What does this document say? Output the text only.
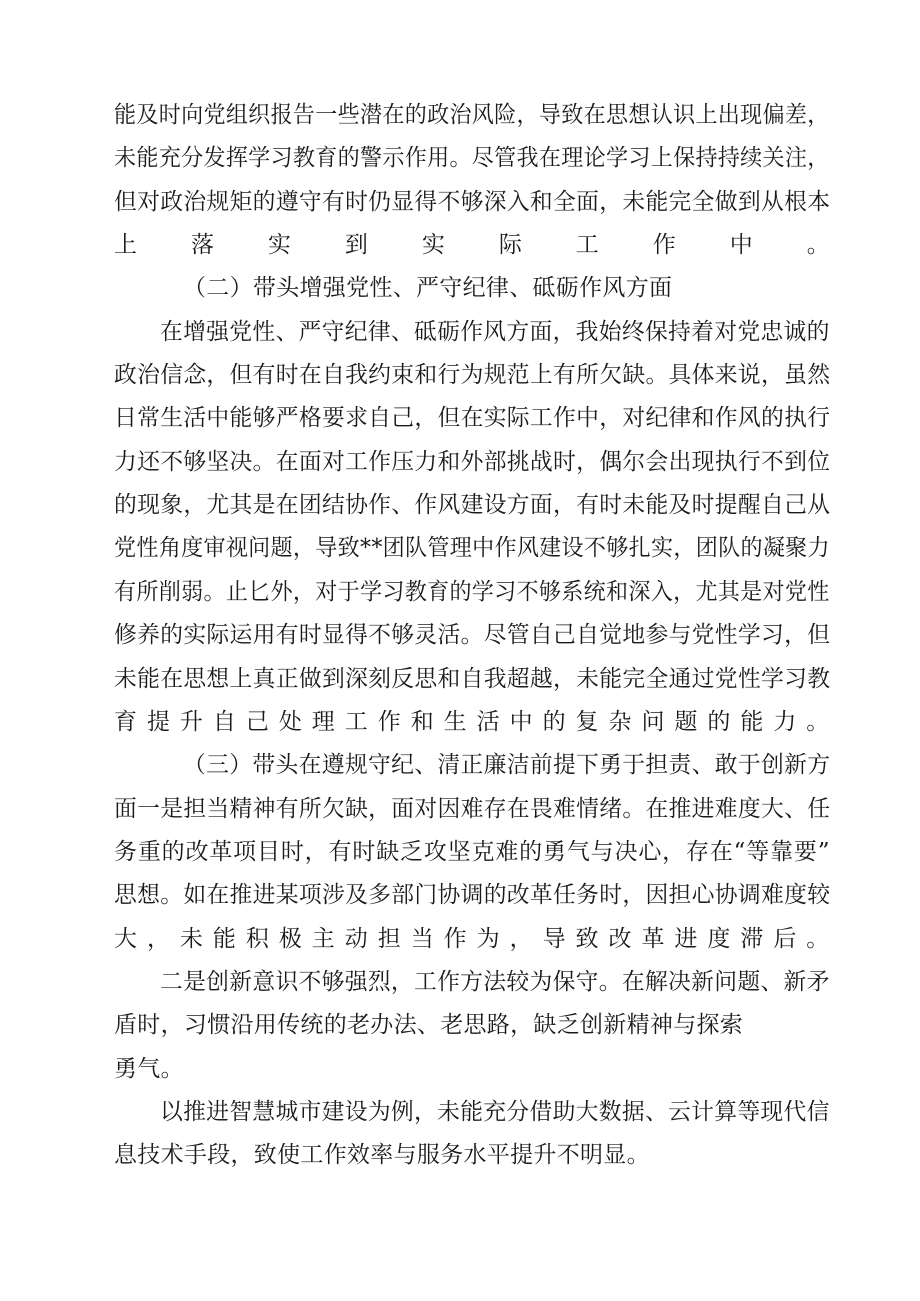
能及时向党组织报告一些潜在的政治风险，导致在思想认识上出现偏差，
未能充分发挥学习教育的警示作用。尽管我在理论学习上保持持续关注，
但对政治规矩的遵守有时仍显得不够深入和全面，未能完全做到从根本
上落实到实际工作中。
（二）带头增强党性、严守纪律、砥砺作风方面
在增强党性、严守纪律、砥砺作风方面，我始终保持着对党忠诚的
政治信念，但有时在自我约束和行为规范上有所欠缺。具体来说，虽然
日常生活中能够严格要求自己，但在实际工作中，对纪律和作风的执行
力还不够坚决。在面对工作压力和外部挑战时，偶尔会出现执行不到位
的现象，尤其是在团结协作、作风建设方面，有时未能及时提醒自己从
党性角度审视问题，导致**团队管理中作风建设不够扎实，团队的凝聚力
有所削弱。止匕外，对于学习教育的学习不够系统和深入，尤其是对党性
修养的实际运用有时显得不够灵活。尽管自己自觉地参与党性学习，但
未能在思想上真正做到深刻反思和自我超越，未能完全通过党性学习教
育提升自己处理工作和生活中的复杂问题的能力。
（三）带头在遵规守纪、清正廉洁前提下勇于担责、敢于创新方
面一是担当精神有所欠缺，面对因难存在畏难情绪。在推进难度大、任
务重的改革项目时，有时缺乏攻坚克难的勇气与决心，存在“等靠要”
思想。如在推进某项涉及多部门协调的改革任务时，因担心协调难度较
大，未能积极主动担当作为，导致改革进度滞后。
二是创新意识不够强烈，工作方法较为保守。在解决新问题、新矛
盾时，习惯沿用传统的老办法、老思路，缺乏创新精神与探索
勇气。
以推进智慧城市建设为例，未能充分借助大数据、云计算等现代信
息技术手段，致使工作效率与服务水平提升不明显。
